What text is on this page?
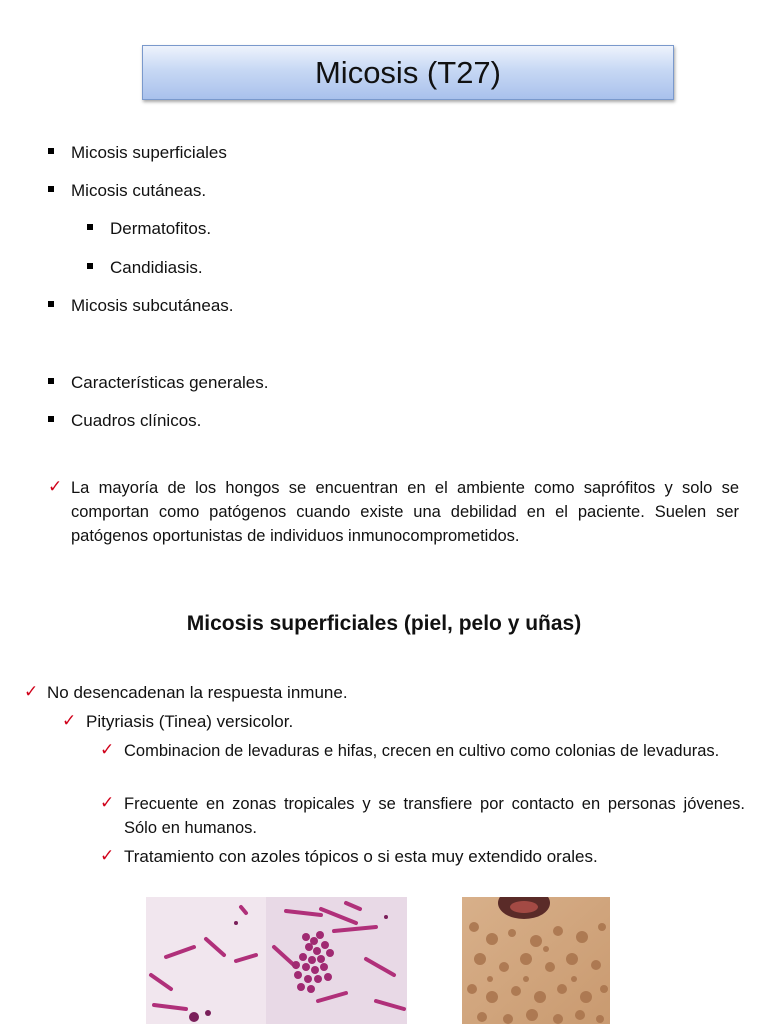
Micosis (T27)
Micosis superficiales
Micosis cutáneas.
Dermatofitos.
Candidiasis.
Micosis subcutáneas.
Características generales.
Cuadros clínicos.
✓ La mayoría de los hongos se encuentran en el ambiente como saprófitos y solo se comportan como patógenos cuando existe una debilidad en el paciente. Suelen ser patógenos oportunistas de individuos inmunocomprometidos.
Micosis superficiales (piel, pelo y uñas)
✓ No desencadenan la respuesta inmune.
✓ Pityriasis (Tinea) versicolor.
✓ Combinacion de levaduras e hifas, crecen en cultivo como colonias de levaduras.
✓ Frecuente en zonas tropicales y se transfiere por contacto en personas jóvenes. Sólo en humanos.
✓ Tratamiento con azoles tópicos o si esta muy extendido orales.
